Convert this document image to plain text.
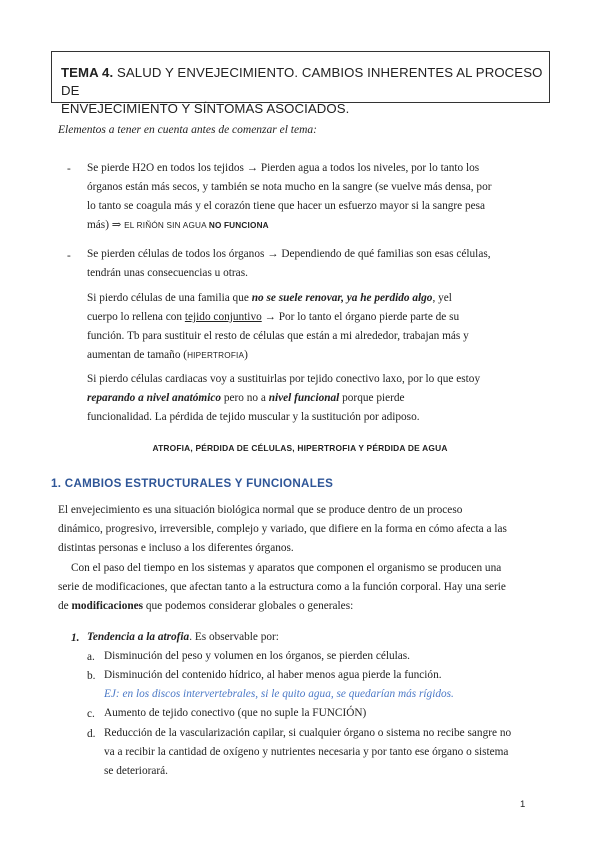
TEMA 4. SALUD Y ENVEJECIMIENTO. CAMBIOS INHERENTES AL PROCESO DE
ENVEJECIMIENTO Y SÍNTOMAS ASOCIADOS.
Elementos a tener en cuenta antes de comenzar el tema:
- Se pierde H2O en todos los tejidos → Pierden agua a todos los niveles, por lo tanto los
órganos están más secos, y también se nota mucho en la sangre (se vuelve más densa, por
lo tanto se coagula más y el corazón tiene que hacer un esfuerzo mayor si la sangre pesa
más) ⇒ EL RIÑÓN SIN AGUA NO FUNCIONA
- Se pierden células de todos los órganos → Dependiendo de qué familias son esas células,
tendrán unas consecuencias u otras.
Si pierdo células de una familia que no se suele renovar, ya he perdido algo, yel
cuerpo lo rellena con tejido conjuntivo → Por lo tanto el órgano pierde parte de su
función. Tb para sustituir el resto de células que están a mi alrededor, trabajan más y
aumentan de tamaño (HIPERTROFIA)
Si pierdo células cardiacas voy a sustituirlas por tejido conectivo laxo, por lo que estoy
reparando a nivel anatómico pero no a nivel funcional porque pierde
funcionalidad. La pérdida de tejido muscular y la sustitución por adiposo.
ATROFIA, PÉRDIDA DE CÉLULAS, HIPERTROFIA Y PÉRDIDA DE AGUA
1. CAMBIOS ESTRUCTURALES Y FUNCIONALES
El envejecimiento es una situación biológica normal que se produce dentro de un proceso
dinámico, progresivo, irreversible, complejo y variado, que difiere en la forma en cómo afecta a las
distintas personas e incluso a los diferentes órganos.
Con el paso del tiempo en los sistemas y aparatos que componen el organismo se producen una
serie de modificaciones, que afectan tanto a la estructura como a la función corporal. Hay una serie
de modificaciones que podemos considerar globales o generales:
1. Tendencia a la atrofia. Es observable por:
a. Disminución del peso y volumen en los órganos, se pierden células.
b. Disminución del contenido hídrico, al haber menos agua pierde la función.
EJ: en los discos intervertebrales, si le quito agua, se quedarían más rígidos.
c. Aumento de tejido conectivo (que no suple la FUNCIÓN)
d. Reducción de la vascularización capilar, si cualquier órgano o sistema no recibe sangre no
va a recibir la cantidad de oxígeno y nutrientes necesaria y por tanto ese órgano o sistema
se deteriorará.
1
